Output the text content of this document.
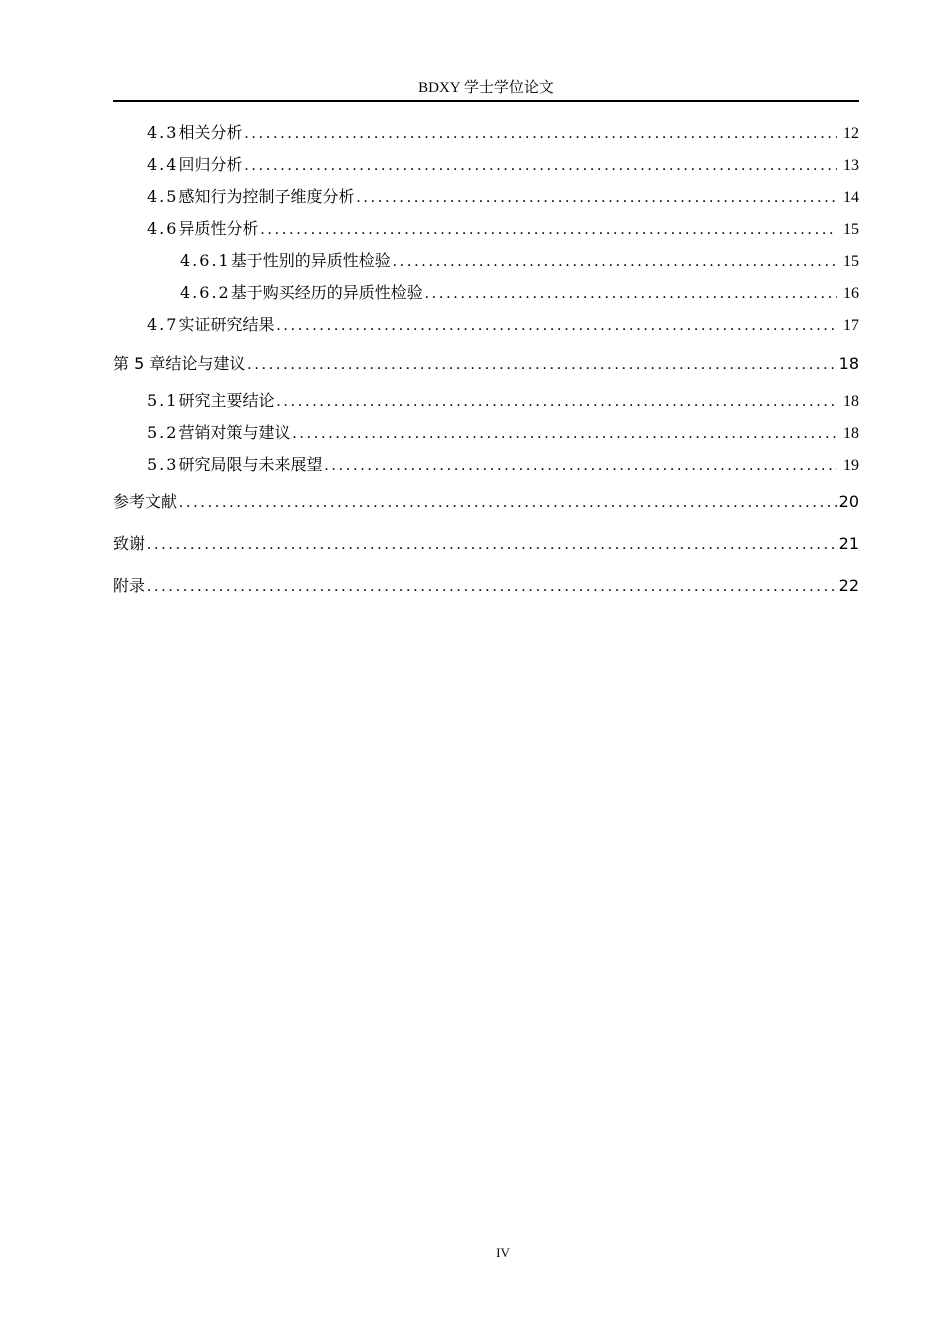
BDXY 学士学位论文
4.3 相关分析 .....	12
4.4 回归分析 .....	13
4.5 感知行为控制子维度分析 .....	14
4.6 异质性分析 .....	15
4.6.1 基于性别的异质性检验 .....	15
4.6.2 基于购买经历的异质性检验 .....	16
4.7 实证研究结果 .....	17
第 5 章 结论与建议 .....	18
5.1 研究主要结论 .....	18
5.2 营销对策与建议 .....	18
5.3 研究局限与未来展望 .....	19
参考文献 .....	20
致谢 .....	21
附录 .....	22
IV
